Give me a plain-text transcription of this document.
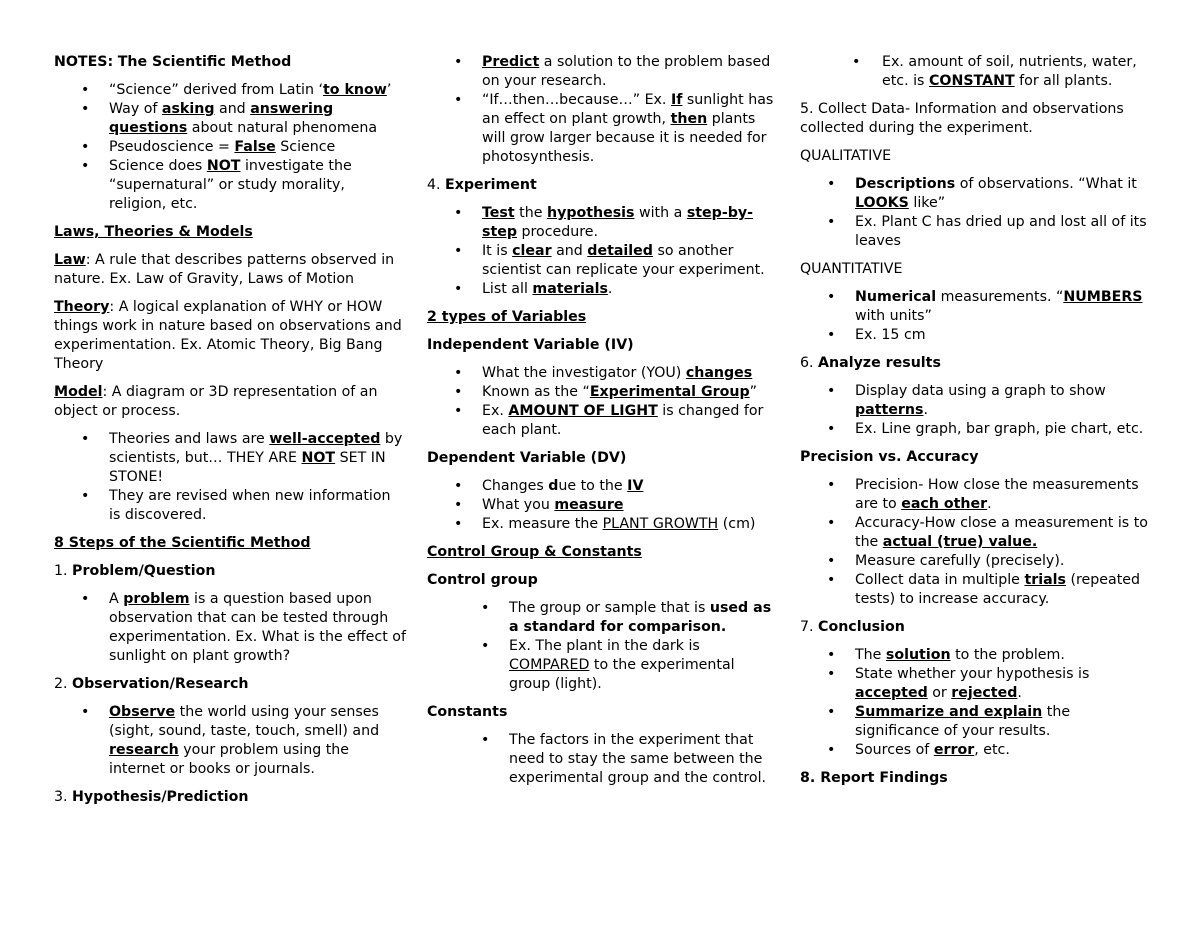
NOTES: The Scientific Method

• “Science” derived from Latin ‘to know’
• Way of asking and answering questions about natural phenomena
• Pseudoscience = False Science
• Science does NOT investigate the “supernatural” or study morality, religion, etc.

Laws, Theories & Models

Law: A rule that describes patterns observed in nature. Ex. Law of Gravity, Laws of Motion

Theory: A logical explanation of WHY or HOW things work in nature based on observations and experimentation. Ex. Atomic Theory, Big Bang Theory

Model: A diagram or 3D representation of an object or process.

• Theories and laws are well-accepted by scientists, but… THEY ARE NOT SET IN STONE!
• They are revised when new information is discovered.

8 Steps of the Scientific Method

1. Problem/Question

• A problem is a question based upon observation that can be tested through experimentation. Ex. What is the effect of sunlight on plant growth?

2. Observation/Research

• Observe the world using your senses (sight, sound, taste, touch, smell) and research your problem using the internet or books or journals.

3. Hypothesis/Prediction

• Predict a solution to the problem based on your research.
• “If…then…because…” Ex. If sunlight has an effect on plant growth, then plants will grow larger because it is needed for photosynthesis.

4. Experiment

• Test the hypothesis with a step-by-step procedure.
• It is clear and detailed so another scientist can replicate your experiment.
• List all materials.

2 types of Variables

Independent Variable (IV)

• What the investigator (YOU) changes
• Known as the “Experimental Group”
• Ex. AMOUNT OF LIGHT is changed for each plant.

Dependent Variable (DV)

• Changes due to the IV
• What you measure
• Ex. measure the PLANT GROWTH (cm)

Control Group & Constants

Control group

• The group or sample that is used as a standard for comparison.
• Ex. The plant in the dark is COMPARED to the experimental group (light).

Constants

• The factors in the experiment that need to stay the same between the experimental group and the control.
• Ex. amount of soil, nutrients, water, etc. is CONSTANT for all plants.

5. Collect Data- Information and observations collected during the experiment.

QUALITATIVE

• Descriptions of observations. “What it LOOKS like”
• Ex. Plant C has dried up and lost all of its leaves

QUANTITATIVE

• Numerical measurements. “NUMBERS with units”
• Ex. 15 cm

6. Analyze results

• Display data using a graph to show patterns.
• Ex. Line graph, bar graph, pie chart, etc.

Precision vs. Accuracy

• Precision- How close the measurements are to each other.
• Accuracy-How close a measurement is to the actual (true) value.
• Measure carefully (precisely).
• Collect data in multiple trials (repeated tests) to increase accuracy.

7. Conclusion

• The solution to the problem.
• State whether your hypothesis is accepted or rejected.
• Summarize and explain the significance of your results.
• Sources of error, etc.

8. Report Findings
